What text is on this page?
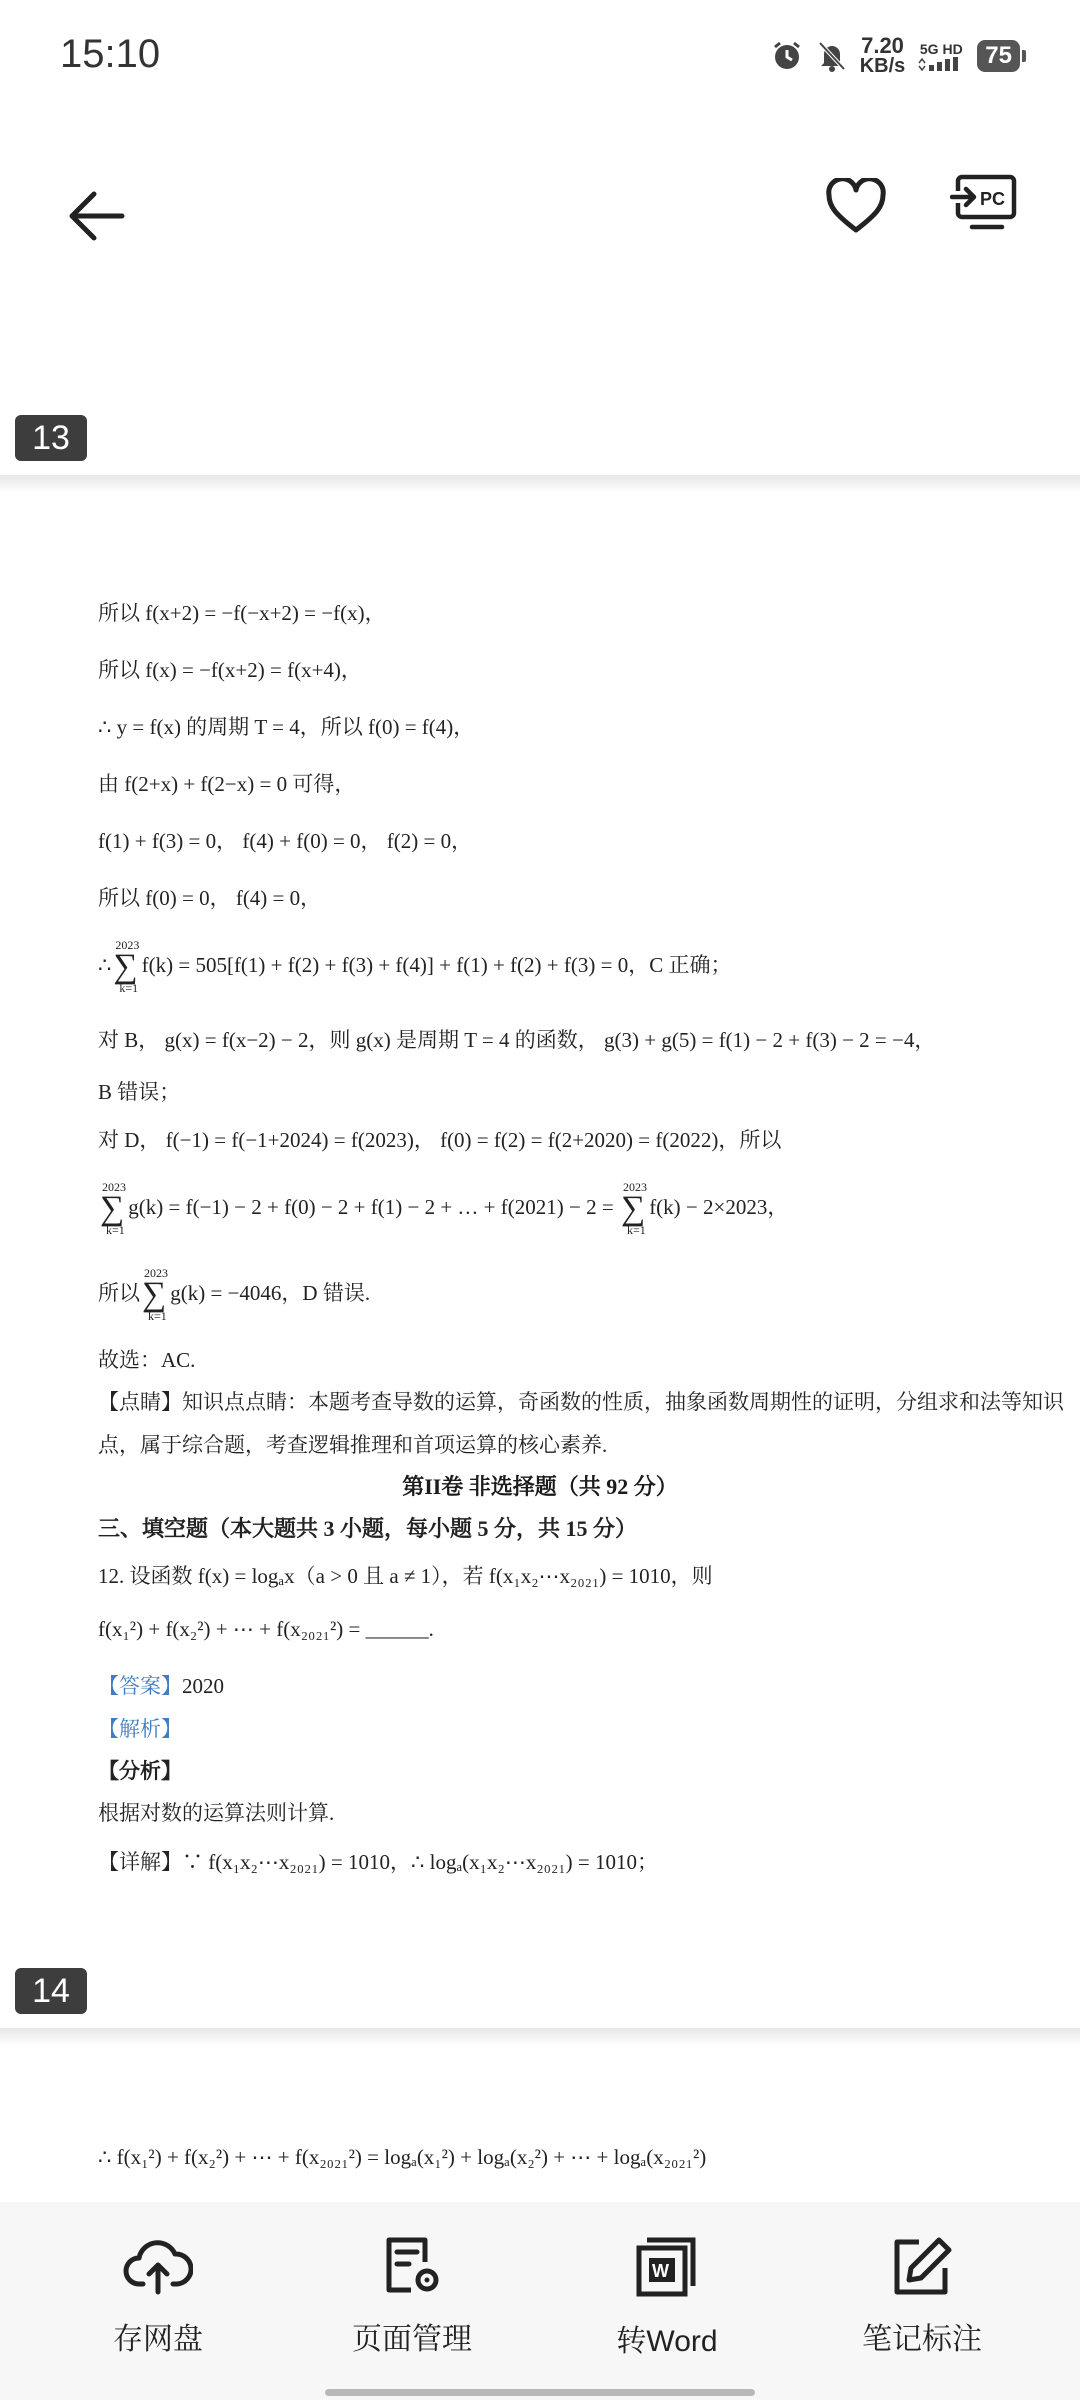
15:10	7.20
KB/s
5G HD 75
PC
13
所以 f(x+2) = −f(−x+2) = −f(x)，
所以 f(x) = −f(x+2) = f(x+4)，
∴ y = f(x) 的周期 T = 4，所以 f(0) = f(4)，
由 f(2+x) + f(2−x) = 0 可得，
f(1) + f(3) = 0， f(4) + f(0) = 0， f(2) = 0，
所以 f(0) = 0， f(4) = 0，
∴∑
2023
k=1
f(k) = 505[f(1) + f(2) + f(3) + f(4)] + f(1) + f(2) + f(3) = 0，C 正确；
对 B， g(x) = f(x−2) − 2，则 g(x) 是周期 T = 4 的函数， g(3) + g(5) = f(1) − 2 + f(3) − 2 = −4，
B 错误；
对 D， f(−1) = f(−1+2024) = f(2023)， f(0) = f(2) = f(2+2020) = f(2022)，所以
∑
2023
k=1
g(k) = f(−1) − 2 + f(0) − 2 + f(1) − 2 + … + f(2021) − 2 = ∑
2023
k=1
f(k) − 2×2023，
所以∑
2023
k=1
g(k) = −4046，D 错误.
故选：AC.
【点睛】知识点点睛：本题考查导数的运算，奇函数的性质，抽象函数周期性的证明，分组求和法等知识
点，属于综合题，考查逻辑推理和首项运算的核心素养.
第II卷 非选择题（共 92 分）
三、填空题（本大题共 3 小题，每小题 5 分，共 15 分）
12. 设函数 f(x) = logₐx（a > 0 且 a ≠ 1），若 f(x₁x₂⋯x₂₀₂₁) = 1010，则
f(x₁²) + f(x₂²) + ⋯ + f(x₂₀₂₁²) = ______.
【答案】2020
【解析】
【分析】
根据对数的运算法则计算.
【详解】∵ f(x₁x₂⋯x₂₀₂₁) = 1010，∴ logₐ(x₁x₂⋯x₂₀₂₁) = 1010；
14
∴ f(x₁²) + f(x₂²) + ⋯ + f(x₂₀₂₁²) = logₐ(x₁²) + logₐ(x₂²) + ⋯ + logₐ(x₂₀₂₁²)
存网盘	页面管理
W
转Word	笔记标注
